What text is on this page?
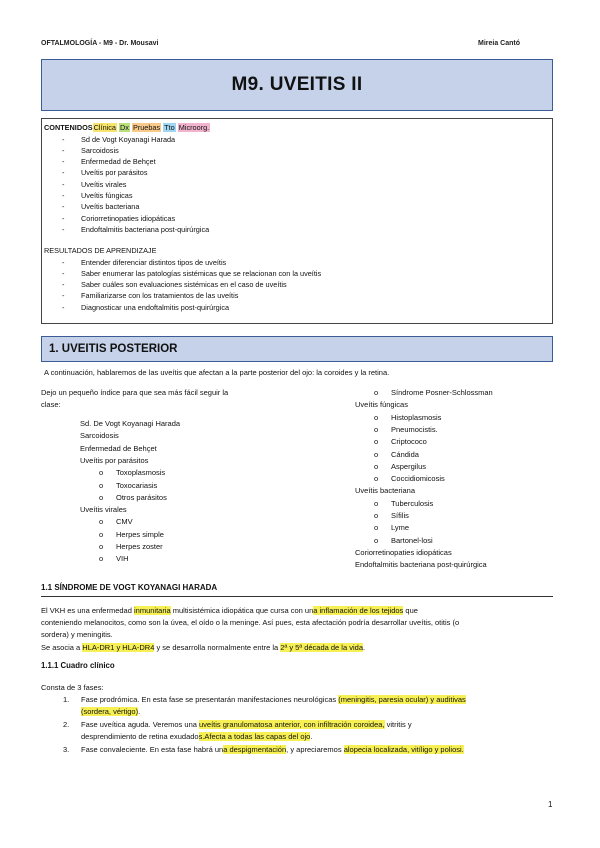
OFTALMOLOGÍA - M9 - Dr. Mousavi	Mireia Cantó
M9. UVEITIS II
CONTENIDOSClínica Dx Pruebas Tto Microorg.
- Sd de Vogt Koyanagi Harada
- Sarcoidosis
- Enfermedad de Behçet
- Uveítis por parásitos
- Uveítis virales
- Uveítis fúngicas
- Uveítis bacteriana
- Coriorretinopaties idiopáticas
- Endoftalmitis bacteriana post-quirúrgica
RESULTADOS DE APRENDIZAJE
- Entender diferenciar distintos tipos de uveítis
- Saber enumerar las patologías sistémicas que se relacionan con la uveítis
- Saber cuáles son evaluaciones sistémicas en el caso de uveítis
- Familiarizarse con los tratamientos de las uveítis
- Diagnosticar una endoftalmitis post-quirúrgica
1. UVEITIS POSTERIOR
A continuación, hablaremos de las uveítis que afectan a la parte posterior del ojo: la coroides y la retina.
Dejo un pequeño índice para que sea más fácil seguir la
clase:
Sd. De Vogt Koyanagi Harada
Sarcoidosis
Enfermedad de Behçet
Uveítis por parásitos
o Toxoplasmosis
o Toxocariasis
o Otros parásitos
Uveítis virales
o CMV
o Herpes simple
o Herpes zoster
o VIH
o Síndrome Posner-Schlossman
Uveítis fúngicas
o Histoplasmosis
o Pneumocistis.
o Criptococo
o Cándida
o Aspergilus
o Coccidiomicosis
Uveítis bacteriana
o Tuberculosis
o Sífilis
o Lyme
o Bartonel-losi
Coriorretinopaties idiopáticas
Endoftalmitis bacteriana post-quirúrgica
1.1 SÍNDROME DE VOGT KOYANAGI HARADA
El VKH es una enfermedad inmunitaria multisistémica idiopática que cursa con una inflamación de los tejidos que
conteniendo melanocitos, como son la úvea, el oído o la meninge. Así pues, esta afectación podría desarrollar uveítis, otitis (o
sordera) y meningitis.
Se asocia a HLA-DR1 y HLA-DR4 y se desarrolla normalmente entre la 2ª y 5ª década de la vida.
1.1.1 Cuadro clínico
Consta de 3 fases:
1. Fase prodrómica. En esta fase se presentarán manifestaciones neurológicas (meningitis, paresia ocular) y auditivas
(sordera, vértigo).
2. Fase uveítica aguda. Veremos una uveítis granulomatosa anterior, con infiltración coroidea, vitritis y
desprendimiento de retina exudados.Afecta a todas las capas del ojo.
3. Fase convaleciente. En esta fase habrá una despigmentación, y apreciaremos alopecia localizada, vitíligo y poliosi.
1
